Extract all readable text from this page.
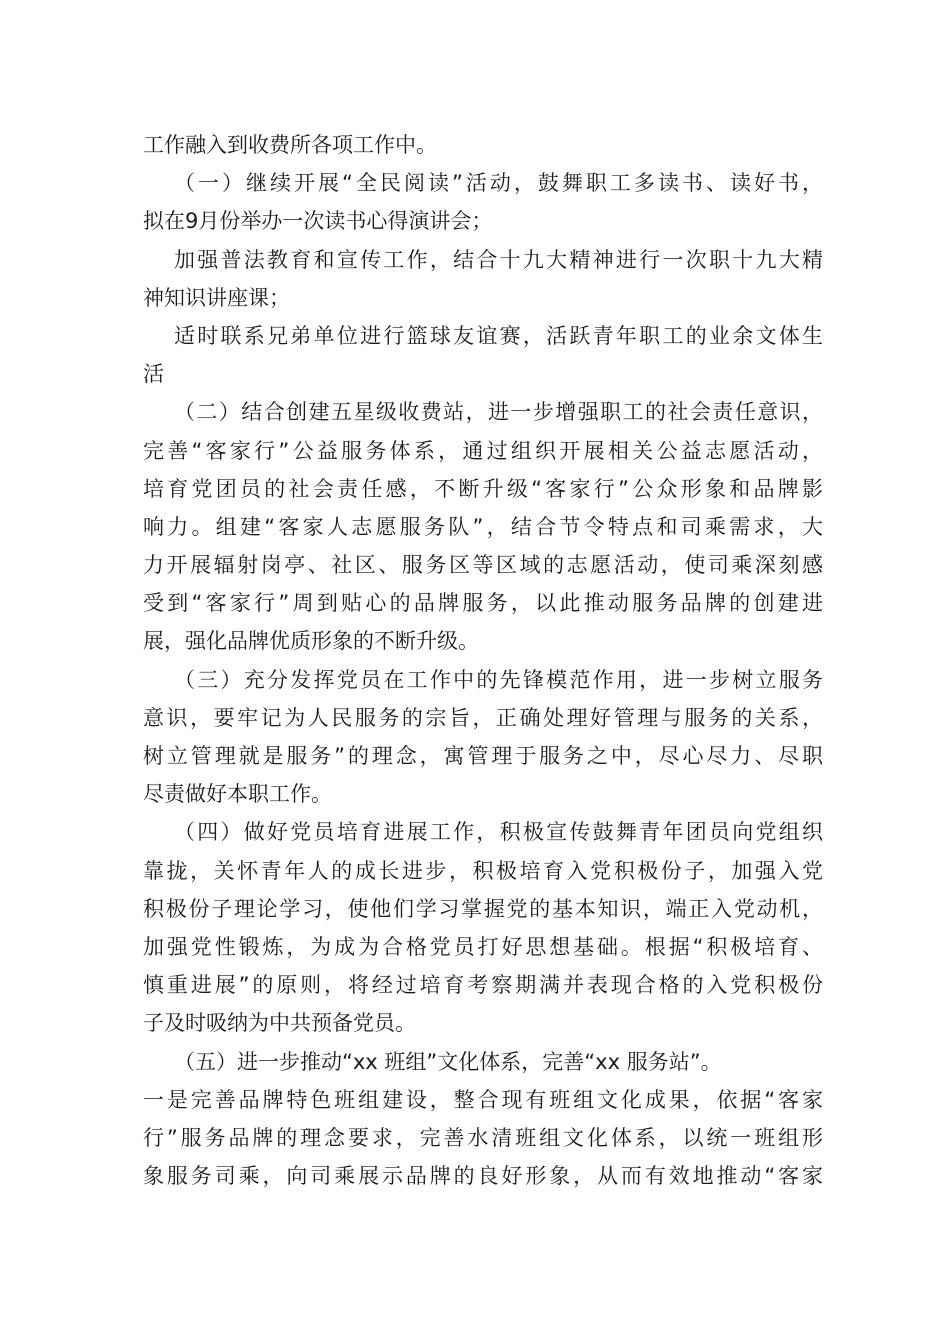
工作融入到收费所各项工作中。
（一）继续开展“全民阅读”活动，鼓舞职工多读书、读好书，
拟在9月份举办一次读书心得演讲会；
加强普法教育和宣传工作，结合十九大精神进行一次职十九大精
神知识讲座课；
适时联系兄弟单位进行篮球友谊赛，活跃青年职工的业余文体生
活
（二）结合创建五星级收费站，进一步增强职工的社会责任意识，
完善“客家行”公益服务体系，通过组织开展相关公益志愿活动，
培育党团员的社会责任感，不断升级“客家行”公众形象和品牌影
响力。组建“客家人志愿服务队”，结合节令特点和司乘需求，大
力开展辐射岗亭、社区、服务区等区域的志愿活动，使司乘深刻感
受到“客家行”周到贴心的品牌服务，以此推动服务品牌的创建进
展，强化品牌优质形象的不断升级。
（三）充分发挥党员在工作中的先锋模范作用，进一步树立服务
意识，要牢记为人民服务的宗旨，正确处理好管理与服务的关系，
树立管理就是服务”的理念，寓管理于服务之中，尽心尽力、尽职
尽责做好本职工作。
（四）做好党员培育进展工作，积极宣传鼓舞青年团员向党组织
靠拢，关怀青年人的成长进步，积极培育入党积极份子，加强入党
积极份子理论学习，使他们学习掌握党的基本知识，端正入党动机，
加强党性锻炼，为成为合格党员打好思想基础。根据“积极培育、
慎重进展”的原则，将经过培育考察期满并表现合格的入党积极份
子及时吸纳为中共预备党员。
（五）进一步推动“xx 班组”文化体系，完善“xx 服务站”。
一是完善品牌特色班组建设，整合现有班组文化成果，依据“客家
行”服务品牌的理念要求，完善水清班组文化体系，以统一班组形
象服务司乘，向司乘展示品牌的良好形象，从而有效地推动“客家
